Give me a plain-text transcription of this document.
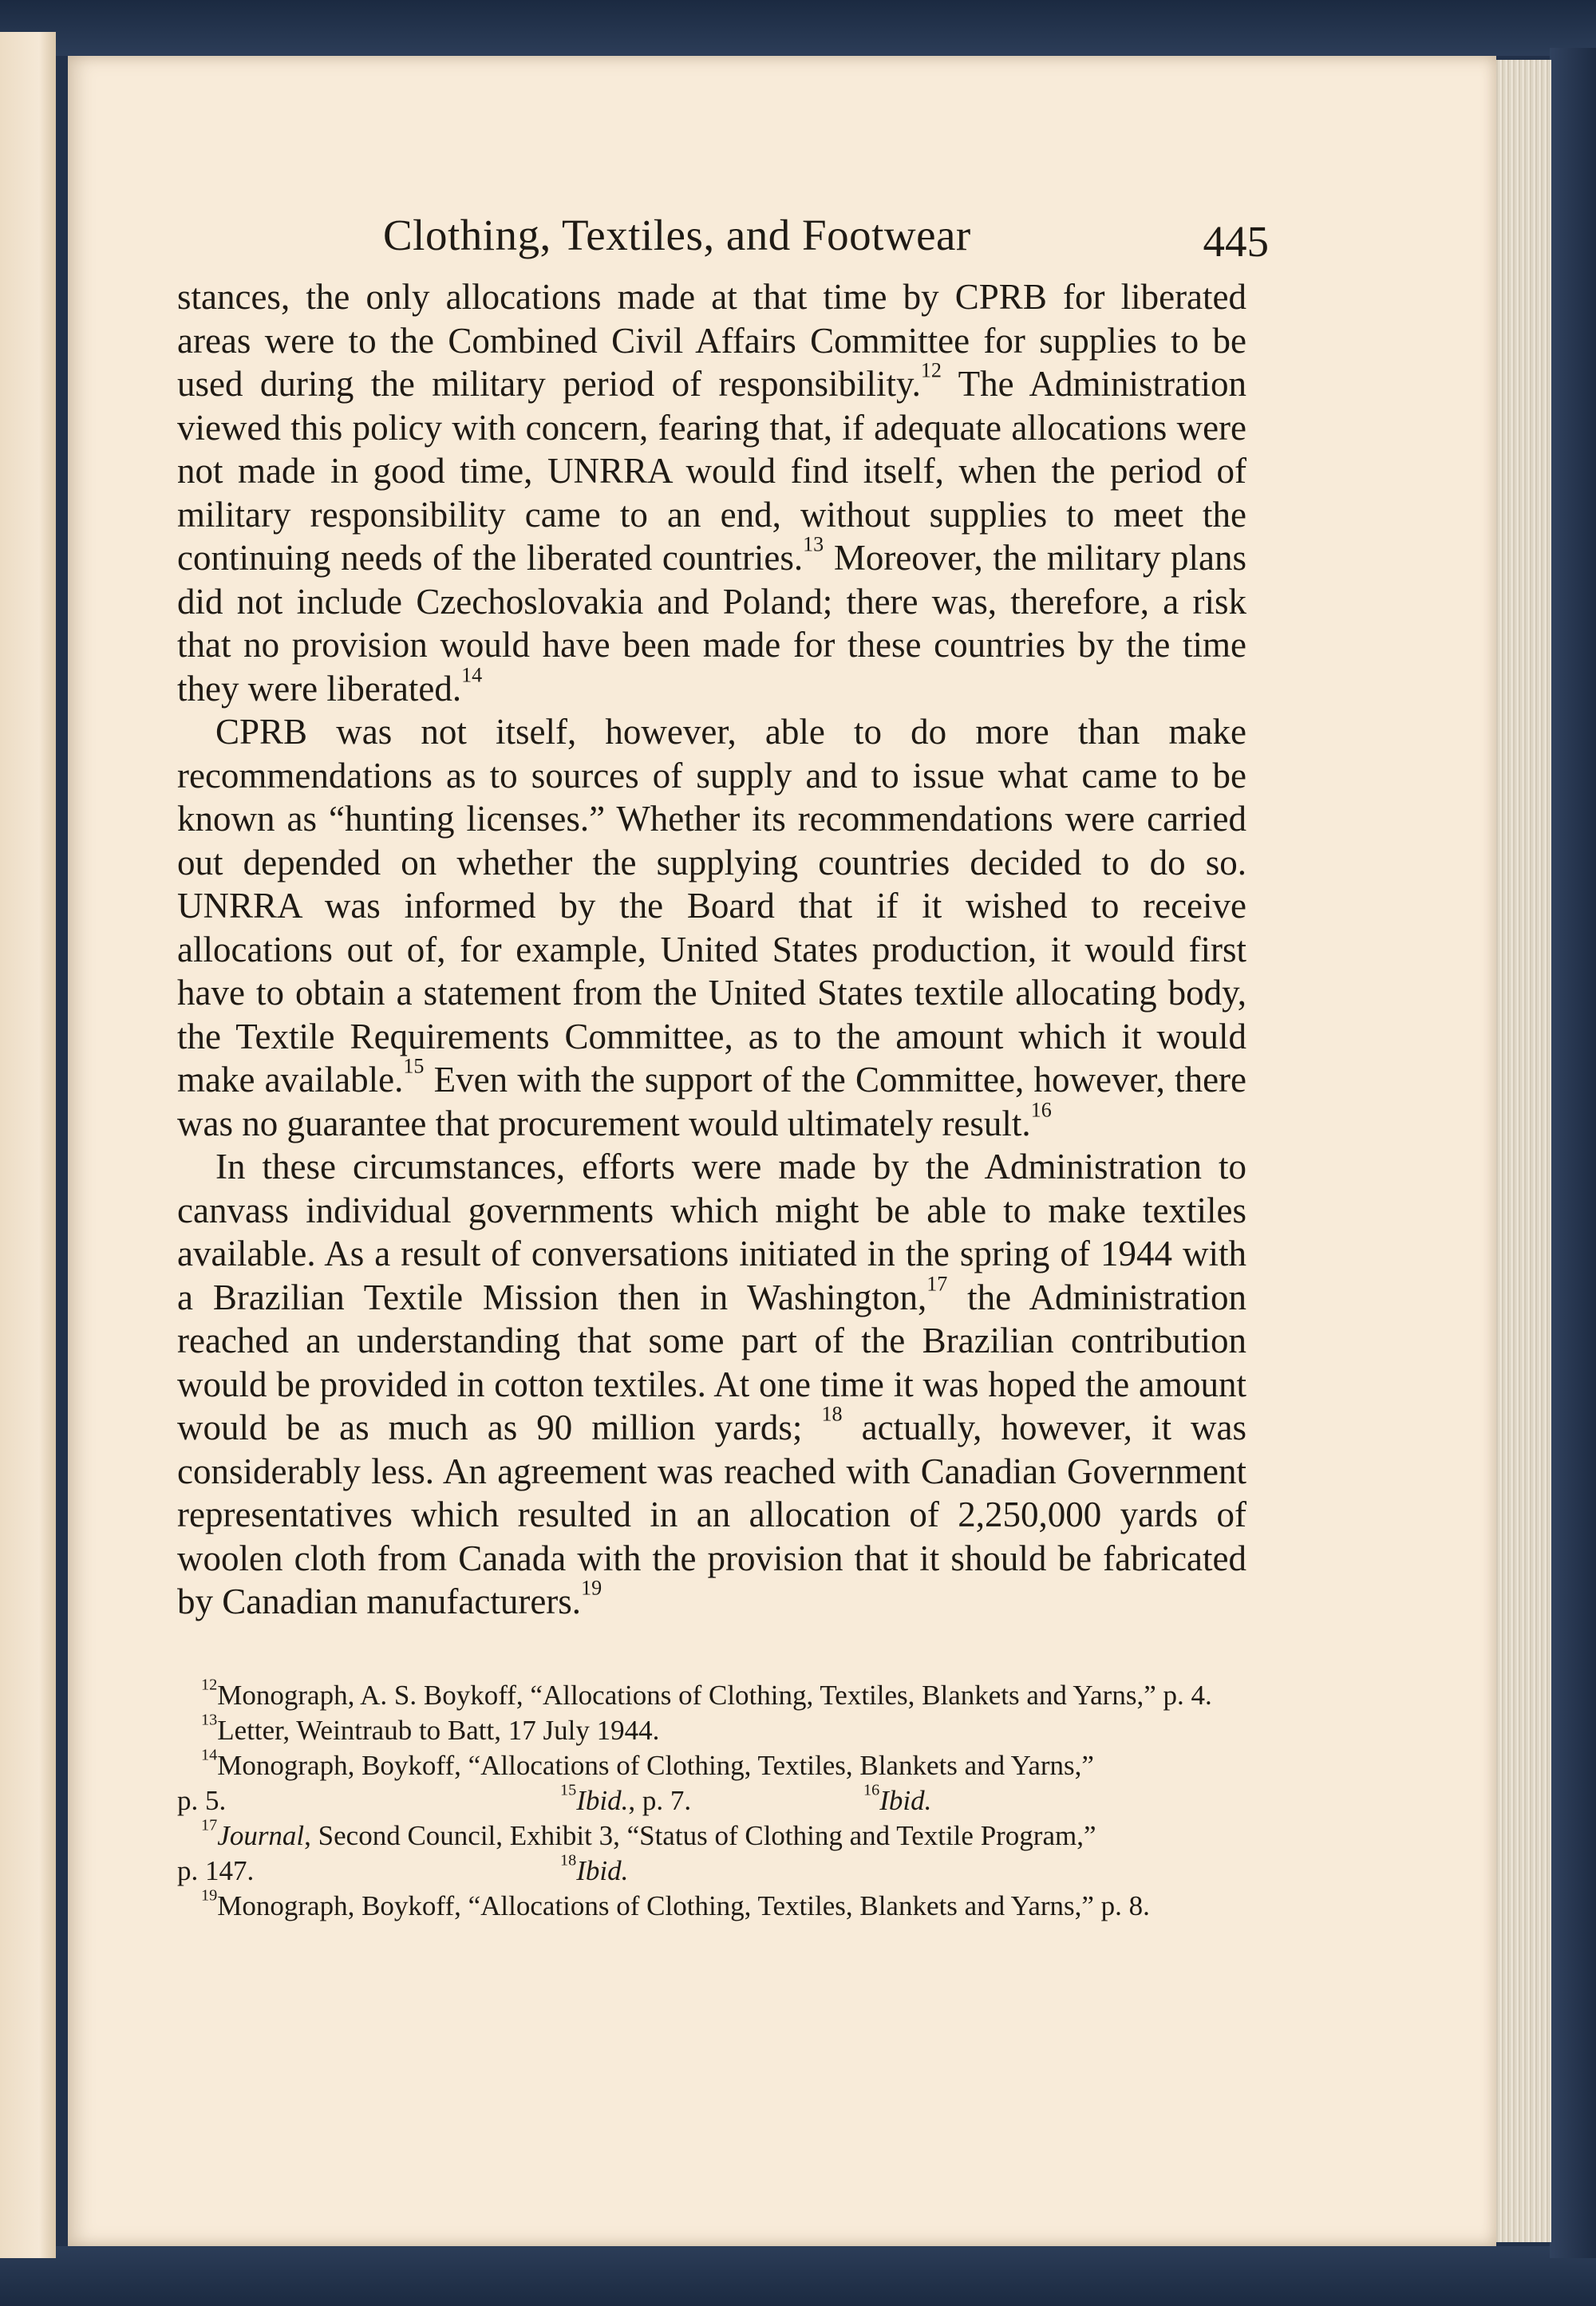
Clothing, Textiles, and Footwear	445

stances, the only allocations made at that time by CPRB for liberated areas were to the Combined Civil Affairs Committee for supplies to be used during the military period of responsibility.$^{12}$ The Administration viewed this policy with concern, fearing that, if adequate allocations were not made in good time, UNRRA would find itself, when the period of military responsibility came to an end, without supplies to meet the continuing needs of the liberated countries.$^{13}$ Moreover, the military plans did not include Czechoslovakia and Poland; there was, therefore, a risk that no provision would have been made for these countries by the time they were liberated.$^{14}$

CPRB was not itself, however, able to do more than make recommendations as to sources of supply and to issue what came to be known as “hunting licenses.” Whether its recommendations were carried out depended on whether the supplying countries decided to do so. UNRRA was informed by the Board that if it wished to receive allocations out of, for example, United States production, it would first have to obtain a statement from the United States textile allocating body, the Textile Requirements Committee, as to the amount which it would make available.$^{15}$ Even with the support of the Committee, however, there was no guarantee that procurement would ultimately result.$^{16}$

In these circumstances, efforts were made by the Administration to canvass individual governments which might be able to make textiles available. As a result of conversations initiated in the spring of 1944 with a Brazilian Textile Mission then in Washington,$^{17}$ the Administration reached an understanding that some part of the Brazilian contribution would be provided in cotton textiles. At one time it was hoped the amount would be as much as 90 million yards; $^{18}$ actually, however, it was considerably less. An agreement was reached with Canadian Government representatives which resulted in an allocation of 2,250,000 yards of woolen cloth from Canada with the provision that it should be fabricated by Canadian manufacturers.$^{19}$

$^{12}$Monograph, A. S. Boykoff, “Allocations of Clothing, Textiles, Blankets and Yarns,” p. 4.
$^{13}$Letter, Weintraub to Batt, 17 July 1944.
$^{14}$Monograph, Boykoff, “Allocations of Clothing, Textiles, Blankets and Yarns,”
p. 5.	$^{15}$Ibid., p. 7.	$^{16}$Ibid.
$^{17}$Journal, Second Council, Exhibit 3, “Status of Clothing and Textile Program,”
p. 147.	$^{18}$Ibid.
$^{19}$Monograph, Boykoff, “Allocations of Clothing, Textiles, Blankets and Yarns,” p. 8.
